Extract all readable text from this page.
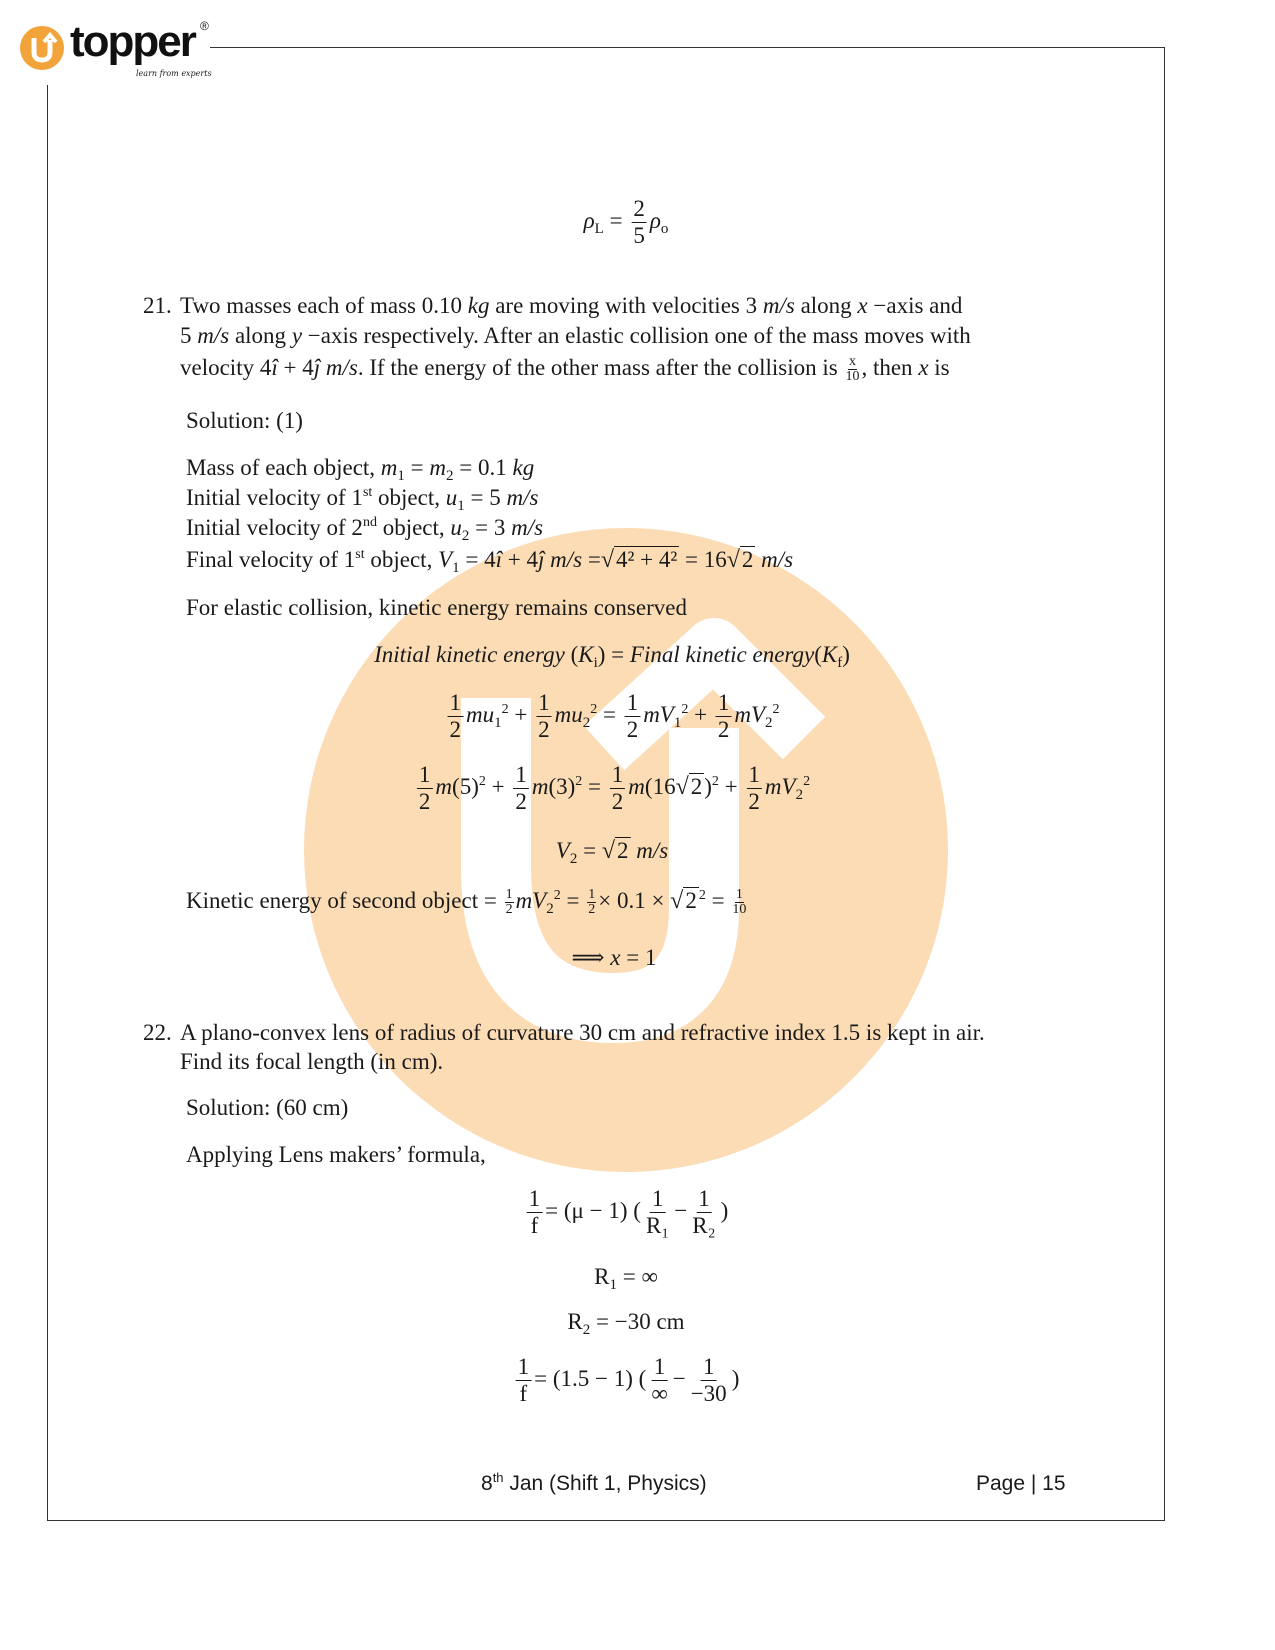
topper ®
learn from experts
$\rho_L = \frac{2}{5} \rho_o$
21. Two masses each of mass 0.10 kg are moving with velocities 3 m/s along x −axis and
5 m/s along y −axis respectively. After an elastic collision one of the mass moves with
velocity 4î + 4ĵ m/s. If the energy of the other mass after the collision is $\frac{x}{10}$ , then x is
Solution: (1)
Mass of each object, $m_1 = m_2 = 0.1$ kg
Initial velocity of 1st object, $u_1 = 5$ m/s
Initial velocity of 2nd object, $u_2 = 3$ m/s
Final velocity of 1st object, $V_1$ = 4î + 4ĵ m/s =√4² + 4² = 16√2 m/s
For elastic collision, kinetic energy remains conserved
Initial kinetic energy $(K_i)$ = Final kinetic $energy(K_f)$
$\frac{1}{2} mu_1^2 + \frac{1}{2} mu_2^2 = \frac{1}{2} mV_1^2 + \frac{1}{2} mV_2^2$
$\frac{1}{2} m(5)^2 + \frac{1}{2} m(3)^2 = \frac{1}{2} m(16√2)^2 + \frac{1}{2} mV_2^2$
$V_2 = √2$ m/s
Kinetic energy of second object = $\frac{1}{2} mV_2^2 = \frac{1}{2} \times 0.1 \times √2$ $^2 = \frac{1}{10}$
⟹ x = 1
22. A plano-convex lens of radius of curvature 30 cm and refractive index 1.5 is kept in air.
Find its focal length (in cm).
Solution: (60 cm)
Applying Lens makers’ formula,
$\frac{1}{f} = (\mu - 1)$ ( $\frac{1}{\text{R₁}} - \frac{1}{\text{R₂}}$ )
$R_1$ = ∞
$R_2 = -30$ cm
$\frac{1}{f} = (1.5 - 1)$ ( $\frac{1}{\infty} - \frac{1}{-30}$ )
8th Jan (Shift 1, Physics)	Page | 15
